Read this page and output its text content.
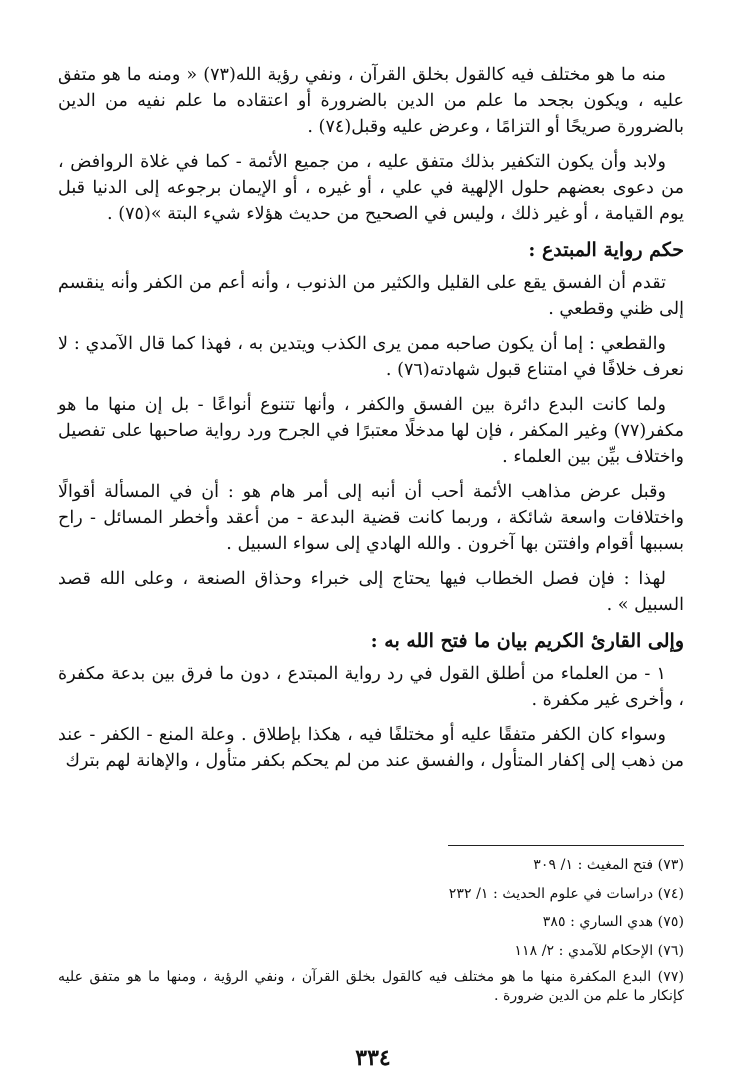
منه ما هو مختلف فيه كالقول بخلق القرآن ، ونفي رؤية الله(٧٣) « ومنه ما هو متفق عليه ، ويكون بجحد ما علم من الدين بالضرورة أو اعتقاده ما علم نفيه من الدين بالضرورة صريحًا أو التزامًا ، وعرض عليه وقبل(٧٤) .

ولابد وأن يكون التكفير بذلك متفق عليه ، من جميع الأئمة - كما في غلاة الروافض ، من دعوى بعضهم حلول الإلهية في علي ، أو غيره ، أو الإيمان برجوعه إلى الدنيا قبل يوم القيامة ، أو غير ذلك ، وليس في الصحيح من حديث هؤلاء شيء البتة »(٧٥) .

حكم رواية المبتدع :

تقدم أن الفسق يقع على القليل والكثير من الذنوب ، وأنه أعم من الكفر وأنه ينقسم إلى ظني وقطعي .

والقطعي : إما أن يكون صاحبه ممن يرى الكذب ويتدين به ، فهذا كما قال الآمدي : لا نعرف خلافًا في امتناع قبول شهادته(٧٦) .

ولما كانت البدع دائرة بين الفسق والكفر ، وأنها تتنوع أنواعًا - بل إن منها ما هو مكفر(٧٧) وغير المكفر ، فإن لها مدخلًا معتبرًا في الجرح ورد رواية صاحبها على تفصيل واختلاف بيِّن بين العلماء .

وقبل عرض مذاهب الأئمة أحب أن أنبه إلى أمر هام هو : أن في المسألة أقوالًا واختلافات واسعة شائكة ، وربما كانت قضية البدعة - من أعقد وأخطر المسائل - راح بسببها أقوام وافتتن بها آخرون . والله الهادي إلى سواء السبيل .

لهذا : فإن فصل الخطاب فيها يحتاج إلى خبراء وحذاق الصنعة ، وعلى الله قصد السبيل » .

وإلى القارئ الكريم بيان ما فتح الله به :

١ - من العلماء من أطلق القول في رد رواية المبتدع ، دون ما فرق بين بدعة مكفرة ، وأخرى غير مكفرة .

وسواء كان الكفر متفقًا عليه أو مختلفًا فيه ، هكذا بإطلاق . وعلة المنع - الكفر - عند من ذهب إلى إكفار المتأول ، والفسق عند من لم يحكم بكفر متأول ، والإهانة لهم بترك

(٧٣) فتح المغيث : ١/ ٣٠٩

(٧٤) دراسات في علوم الحديث : ١/ ٢٣٢

(٧٥) هدي الساري : ٣٨٥

(٧٦) الإحكام للآمدي : ٢/ ١١٨

(٧٧) البدع المكفرة منها ما هو مختلف فيه كالقول بخلق القرآن ، ونفي الرؤية ، ومنها ما هو متفق عليه كإنكار ما علم من الدين ضرورة .

٣٣٤
